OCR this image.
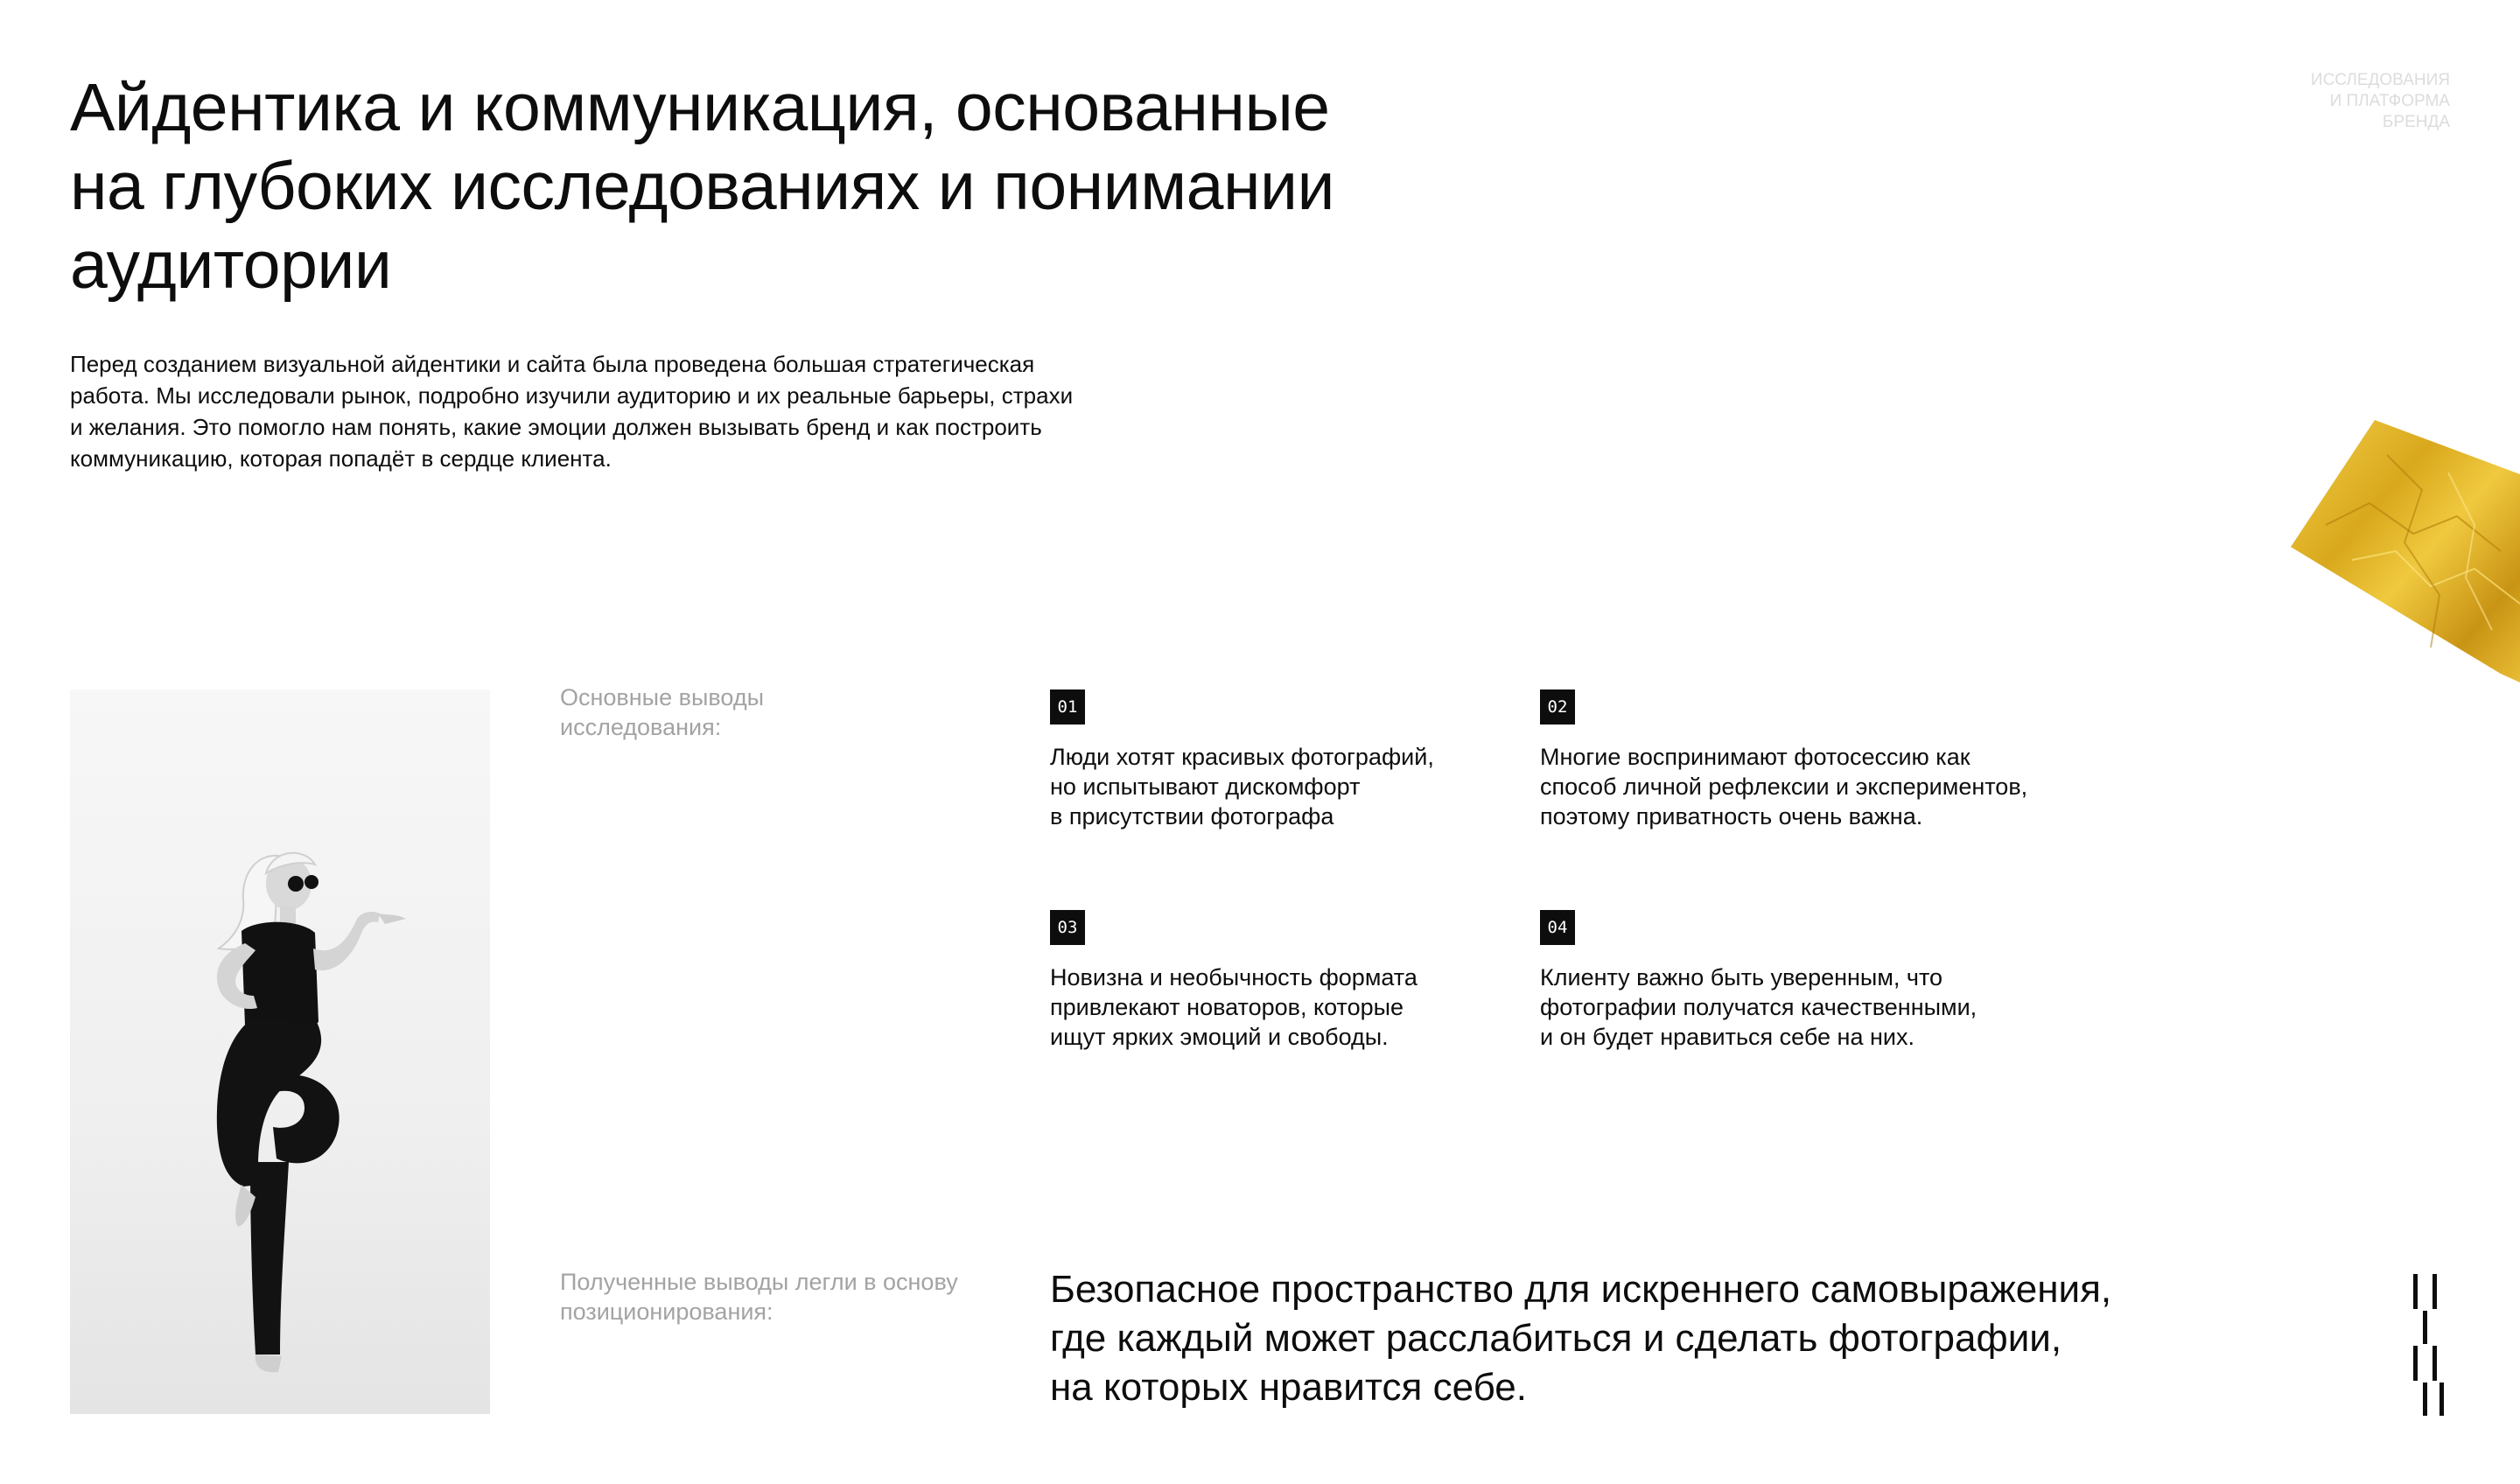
Айдентика и коммуникация, основанные
на глубоких исследованиях и понимании
аудитории
ИССЛЕДОВАНИЯ
И ПЛАТФОРМА
БРЕНДА

Перед созданием визуальной айдентики и сайта была проведена большая стратегическая
работа. Мы исследовали рынок, подробно изучили аудиторию и их реальные барьеры, страхи
и желания. Это помогло нам понять, какие эмоции должен вызывать бренд и как построить
коммуникацию, которая попадёт в сердце клиента.

Основные выводы
исследования:

01

Люди хотят красивых фотографий,
но испытывают дискомфорт
в присутствии фотографа

02

Многие воспринимают фотосессию как
способ личной рефлексии и экспериментов,
поэтому приватность очень важна.

03

Новизна и необычность формата
привлекают новаторов, которые
ищут ярких эмоций и свободы.

04

Клиенту важно быть уверенным, что
фотографии получатся качественными,
и он будет нравиться себе на них.

Полученные выводы легли в основу
позиционирования:

Безопасное пространство для искреннего самовыражения,
где каждый может расслабиться и сделать фотографии,
на которых нравится себе.
